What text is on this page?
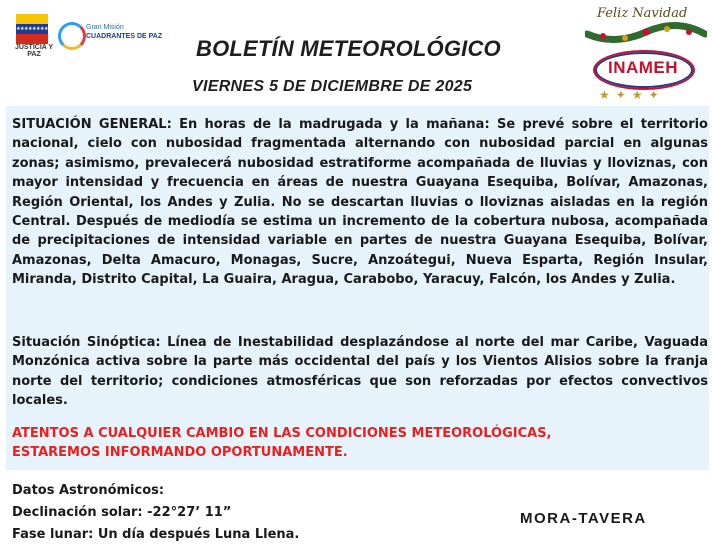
★★★★★★★★
JUSTICIA Y PAZ
Gran Misión
CUADRANTES DE PAZ BOLETÍN METEOROLÓGICO
VIERNES 5 DE DICIEMBRE DE 2025
Feliz Navidad
INAMEH
★✦★✦

SITUACIÓN GENERAL: En horas de la madrugada y la mañana: Se prevé sobre el territorio nacional, cielo con nubosidad fragmentada alternando con nubosidad parcial en algunas zonas; asimismo, prevalecerá nubosidad estratiforme acompañada de lluvias y lloviznas, con mayor intensidad y frecuencia en áreas de nuestra Guayana Esequiba, Bolívar, Amazonas, Región Oriental, los Andes y Zulia. No se descartan lluvias o lloviznas aisladas en la región Central. Después de mediodía se estima un incremento de la cobertura nubosa, acompañada de precipitaciones de intensidad variable en partes de nuestra Guayana Esequiba, Bolívar, Amazonas, Delta Amacuro, Monagas, Sucre, Anzoátegui, Nueva Esparta, Región Insular, Miranda, Distrito Capital, La Guaira, Aragua, Carabobo, Yaracuy, Falcón, los Andes y Zulia.

Situación Sinóptica: Línea de Inestabilidad desplazándose al norte del mar Caribe, Vaguada Monzónica activa sobre la parte más occidental del país y los Vientos Alisios sobre la franja norte del territorio; condiciones atmosféricas que son reforzadas por efectos convectivos locales.

ATENTOS A CUALQUIER CAMBIO EN LAS CONDICIONES METEOROLÓGICAS,
ESTAREMOS INFORMANDO OPORTUNAMENTE.

Datos Astronómicos:
Declinación solar: -22°27’ 11”
Fase lunar: Un día después Luna Llena.
MORA-TAVERA
